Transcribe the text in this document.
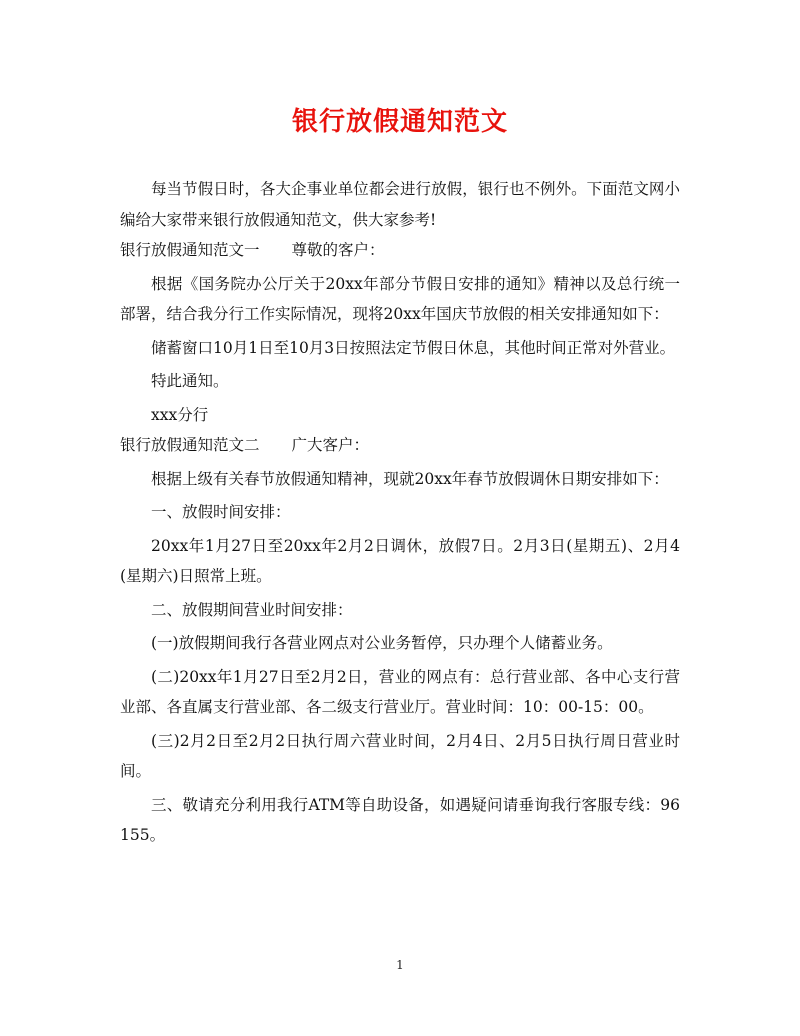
银行放假通知范文

每当节假日时，各大企事业单位都会进行放假，银行也不例外。下面范文网小编给大家带来银行放假通知范文，供大家参考!

银行放假通知范文一 尊敬的客户：

根据《国务院办公厅关于20xx年部分节假日安排的通知》精神以及总行统一部署，结合我分行工作实际情况，现将20xx年国庆节放假的相关安排通知如下：

储蓄窗口10月1日至10月3日按照法定节假日休息，其他时间正常对外营业。

特此通知。

xxx分行

银行放假通知范文二 广大客户：

根据上级有关春节放假通知精神，现就20xx年春节放假调休日期安排如下：

一、放假时间安排：

20xx年1月27日至20xx年2月2日调休，放假7日。2月3日(星期五)、2月4(星期六)日照常上班。

二、放假期间营业时间安排：

(一)放假期间我行各营业网点对公业务暂停，只办理个人储蓄业务。

(二)20xx年1月27日至2月2日，营业的网点有：总行营业部、各中心支行营业部、各直属支行营业部、各二级支行营业厅。营业时间：10：00-15：00。

(三)2月2日至2月2日执行周六营业时间，2月4日、2月5日执行周日营业时间。

三、敬请充分利用我行ATM等自助设备，如遇疑问请垂询我行客服专线：96155。

1
